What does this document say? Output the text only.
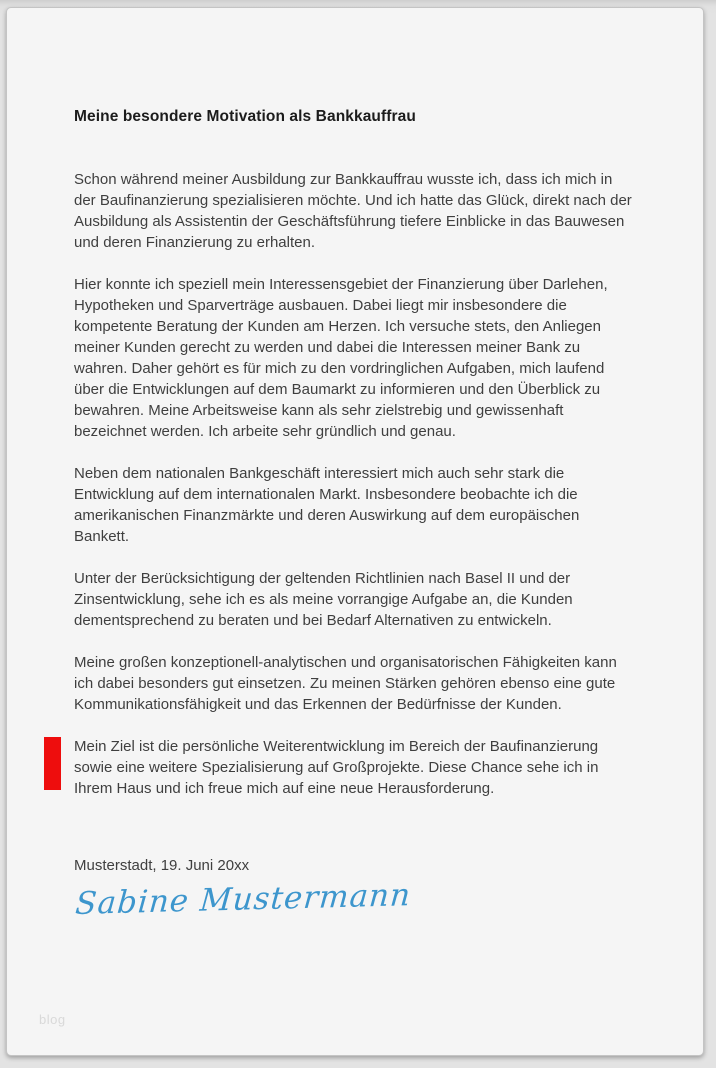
Meine besondere Motivation als Bankkauffrau

Schon während meiner Ausbildung zur Bankkauffrau wusste ich, dass ich mich in der Baufinanzierung spezialisieren möchte. Und ich hatte das Glück, direkt nach der Ausbildung als Assistentin der Geschäftsführung tiefere Einblicke in das Bauwesen und deren Finanzierung zu erhalten.

Hier konnte ich speziell mein Interessensgebiet der Finanzierung über Darlehen, Hypotheken und Sparverträge ausbauen. Dabei liegt mir insbesondere die kompetente Beratung der Kunden am Herzen. Ich versuche stets, den Anliegen meiner Kunden gerecht zu werden und dabei die Interessen meiner Bank zu wahren. Daher gehört es für mich zu den vordringlichen Aufgaben, mich laufend über die Entwicklungen auf dem Baumarkt zu informieren und den Überblick zu bewahren. Meine Arbeitsweise kann als sehr zielstrebig und gewissenhaft bezeichnet werden. Ich arbeite sehr gründlich und genau.

Neben dem nationalen Bankgeschäft interessiert mich auch sehr stark die Entwicklung auf dem internationalen Markt. Insbesondere beobachte ich die amerikanischen Finanzmärkte und deren Auswirkung auf dem europäischen Bankett.

Unter der Berücksichtigung der geltenden Richtlinien nach Basel II und der Zinsentwicklung, sehe ich es als meine vorrangige Aufgabe an, die Kunden dementsprechend zu beraten und bei Bedarf Alternativen zu entwickeln.

Meine großen konzeptionell-analytischen und organisatorischen Fähigkeiten kann ich dabei besonders gut einsetzen. Zu meinen Stärken gehören ebenso eine gute Kommunikationsfähigkeit und das Erkennen der Bedürfnisse der Kunden.

Mein Ziel ist die persönliche Weiterentwicklung im Bereich der Baufinanzierung sowie eine weitere Spezialisierung auf Großprojekte. Diese Chance sehe ich in Ihrem Haus und ich freue mich auf eine neue Herausforderung.

Musterstadt, 19. Juni 20xx

Sabine Mustermann
blog
